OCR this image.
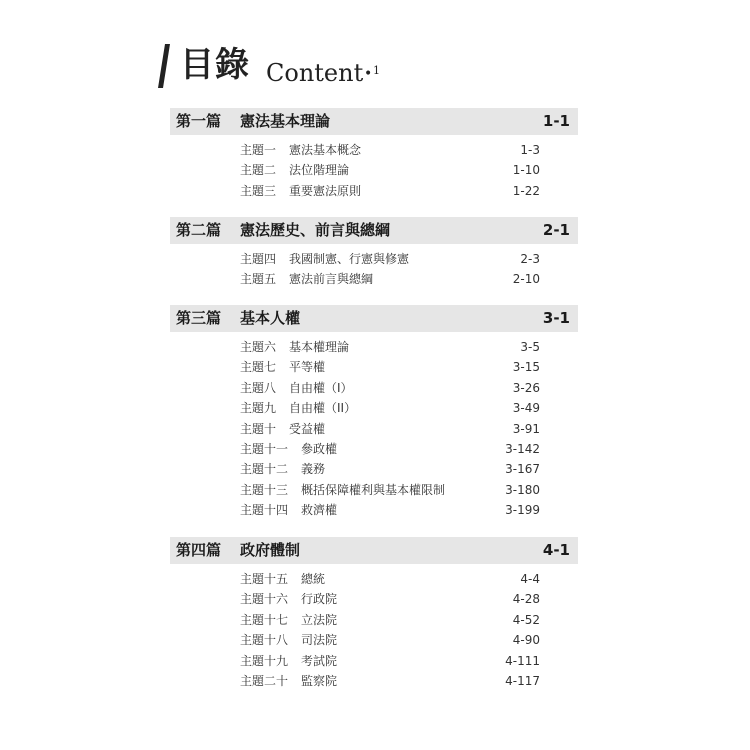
目錄 Content • 1
第一篇 憲法基本理論	1-1
主題一 憲法基本概念	1-3
主題二 法位階理論	1-10
主題三 重要憲法原則	1-22
第二篇 憲法歷史、前言與總綱	2-1
主題四 我國制憲、行憲與修憲	2-3
主題五 憲法前言與總綱	2-10
第三篇 基本人權	3-1
主題六 基本權理論	3-5
主題七 平等權	3-15
主題八 自由權（I）	3-26
主題九 自由權（II）	3-49
主題十 受益權	3-91
主題十一 參政權	3-142
主題十二 義務	3-167
主題十三 概括保障權利與基本權限制	3-180
主題十四 救濟權	3-199
第四篇 政府體制	4-1
主題十五 總統	4-4
主題十六 行政院	4-28
主題十七 立法院	4-52
主題十八 司法院	4-90
主題十九 考試院	4-111
主題二十 監察院	4-117
